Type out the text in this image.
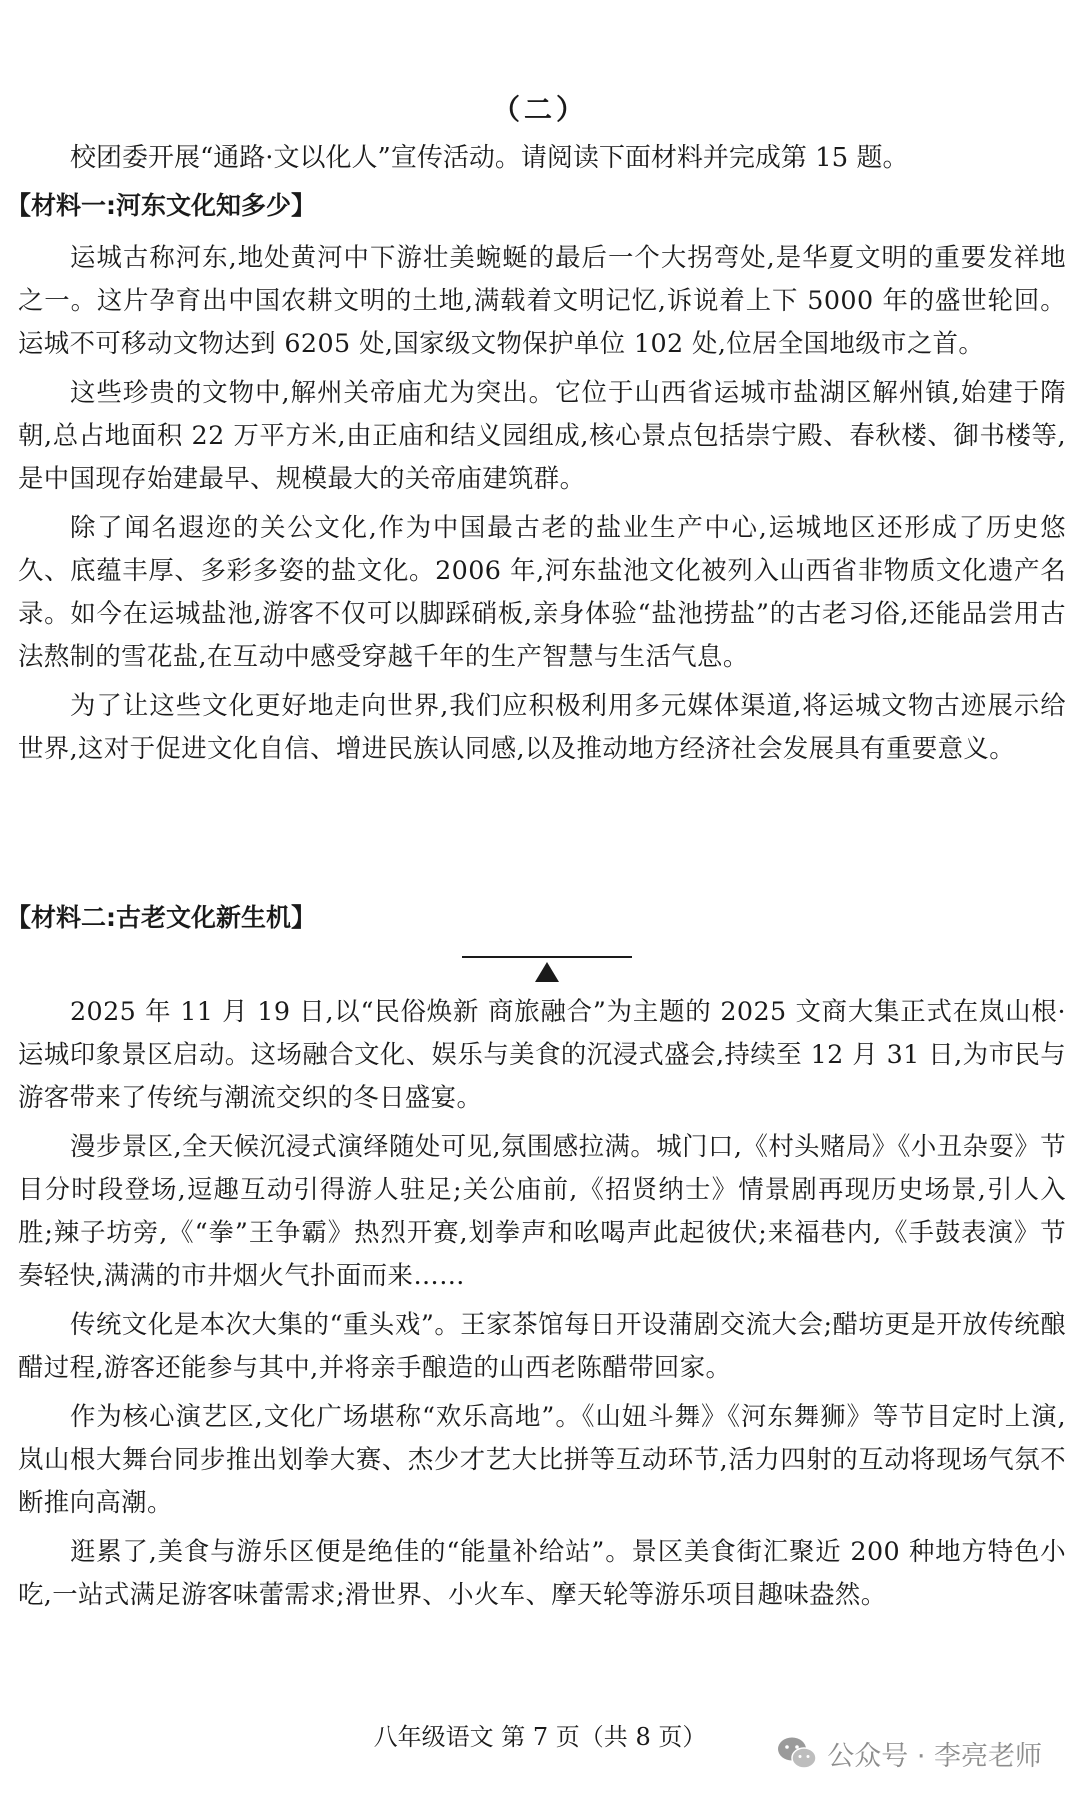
（二）
校团委开展“通路·文以化人”宣传活动。请阅读下面材料并完成第 15 题。
【材料一:河东文化知多少】

运城古称河东,地处黄河中下游壮美蜿蜒的最后一个大拐弯处,是华夏文明的重要发祥地之一。这片孕育出中国农耕文明的土地,满载着文明记忆,诉说着上下 5000 年的盛世轮回。运城不可移动文物达到 6205 处,国家级文物保护单位 102 处,位居全国地级市之首。

这些珍贵的文物中,解州关帝庙尤为突出。它位于山西省运城市盐湖区解州镇,始建于隋朝,总占地面积 22 万平方米,由正庙和结义园组成,核心景点包括崇宁殿、春秋楼、御书楼等,是中国现存始建最早、规模最大的关帝庙建筑群。

除了闻名遐迩的关公文化,作为中国最古老的盐业生产中心,运城地区还形成了历史悠久、底蕴丰厚、多彩多姿的盐文化。2006 年,河东盐池文化被列入山西省非物质文化遗产名录。如今在运城盐池,游客不仅可以脚踩硝板,亲身体验“盐池捞盐”的古老习俗,还能品尝用古法熬制的雪花盐,在互动中感受穿越千年的生产智慧与生活气息。

为了让这些文化更好地走向世界,我们应积极利用多元媒体渠道,将运城文物古迹展示给世界,这对于促进文化自信、增进民族认同感,以及推动地方经济社会发展具有重要意义。

【材料二:古老文化新生机】

2025 年 11 月 19 日,以“民俗焕新 商旅融合”为主题的 2025 文商大集正式在岚山根·运城印象景区启动。这场融合文化、娱乐与美食的沉浸式盛会,持续至 12 月 31 日,为市民与游客带来了传统与潮流交织的冬日盛宴。

漫步景区,全天候沉浸式演绎随处可见,氛围感拉满。城门口,《村头赌局》《小丑杂耍》节目分时段登场,逗趣互动引得游人驻足;关公庙前,《招贤纳士》情景剧再现历史场景,引人入胜;辣子坊旁,《“拳”王争霸》热烈开赛,划拳声和吆喝声此起彼伏;来福巷内,《手鼓表演》节奏轻快,满满的市井烟火气扑面而来……

传统文化是本次大集的“重头戏”。王家茶馆每日开设蒲剧交流大会;醋坊更是开放传统酿醋过程,游客还能参与其中,并将亲手酿造的山西老陈醋带回家。

作为核心演艺区,文化广场堪称“欢乐高地”。《山妞斗舞》《河东舞狮》等节目定时上演,岚山根大舞台同步推出划拳大赛、杰少才艺大比拼等互动环节,活力四射的互动将现场气氛不断推向高潮。

逛累了,美食与游乐区便是绝佳的“能量补给站”。景区美食街汇聚近 200 种地方特色小吃,一站式满足游客味蕾需求;滑世界、小火车、摩天轮等游乐项目趣味盎然。

八年级语文 第 7 页（共 8 页）
公众号 · 李亮老师
